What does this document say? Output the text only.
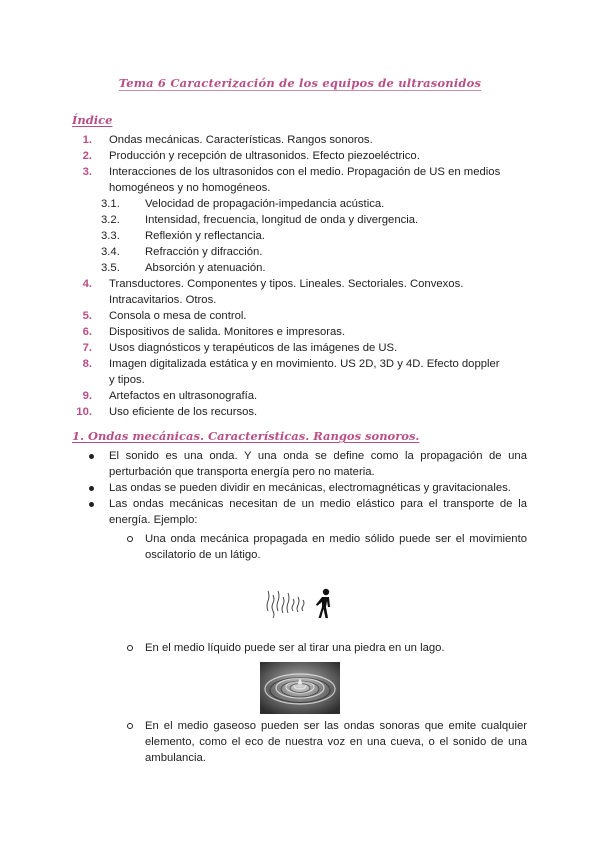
Tema 6 Caracterización de los equipos de ultrasonidos
Índice
1. Ondas mecánicas. Características. Rangos sonoros.
2. Producción y recepción de ultrasonidos. Efecto piezoeléctrico.
3. Interacciones de los ultrasonidos con el medio. Propagación de US en medios homogéneos y no homogéneos.
3.1.	Velocidad de propagación-impedancia acústica.
3.2.	Intensidad, frecuencia, longitud de onda y divergencia.
3.3.	Reflexión y reflectancia.
3.4.	Refracción y difracción.
3.5.	Absorción y atenuación.
4. Transductores. Componentes y tipos. Lineales. Sectoriales. Convexos. Intracavitarios. Otros.
5. Consola o mesa de control.
6. Dispositivos de salida. Monitores e impresoras.
7. Usos diagnósticos y terapéuticos de las imágenes de US.
8. Imagen digitalizada estática y en movimiento. US 2D, 3D y 4D. Efecto doppler y tipos.
9. Artefactos en ultrasonografía.
10. Uso eficiente de los recursos.
1. Ondas mecánicas. Características. Rangos sonoros.
El sonido es una onda. Y una onda se define como la propagación de una perturbación que transporta energía pero no materia.
Las ondas se pueden dividir en mecánicas, electromagnéticas y gravitacionales.
Las ondas mecánicas necesitan de un medio elástico para el transporte de la energía. Ejemplo:
Una onda mecánica propagada en medio sólido puede ser el movimiento oscilatorio de un látigo.
En el medio líquido puede ser al tirar una piedra en un lago.
En el medio gaseoso pueden ser las ondas sonoras que emite cualquier elemento, como el eco de nuestra voz en una cueva, o el sonido de una ambulancia.
